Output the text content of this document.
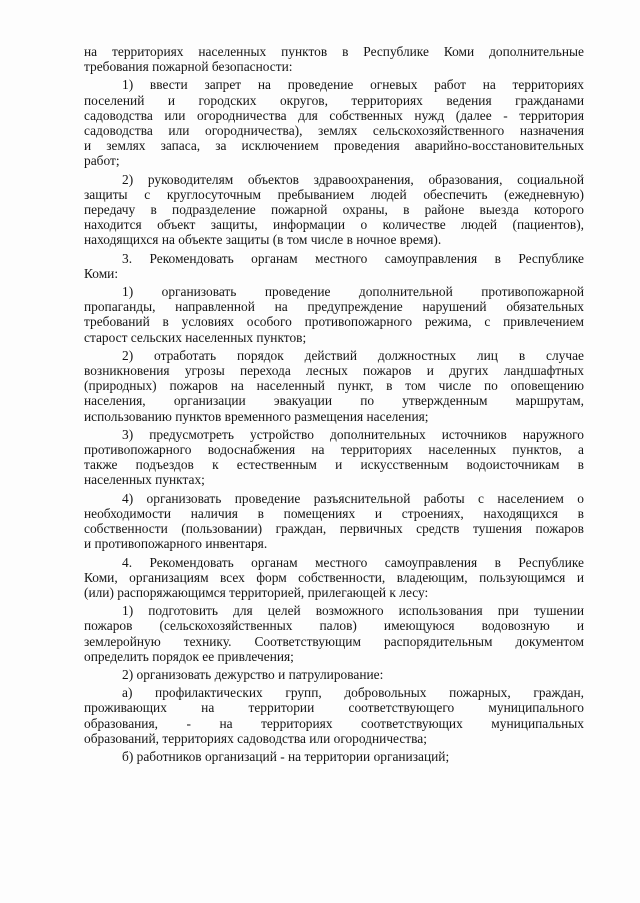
на территориях населенных пунктов в Республике Коми дополнительные
требования пожарной безопасности:
1) ввести запрет на проведение огневых работ на территориях
поселений и городских округов, территориях ведения гражданами
садоводства или огородничества для собственных нужд (далее - территория
садоводства или огородничества), землях сельскохозяйственного назначения
и землях запаса, за исключением проведения аварийно-восстановительных
работ;
2) руководителям объектов здравоохранения, образования, социальной
защиты с круглосуточным пребыванием людей обеспечить (ежедневную)
передачу в подразделение пожарной охраны, в районе выезда которого
находится объект защиты, информации о количестве людей (пациентов),
находящихся на объекте защиты (в том числе в ночное время).
3. Рекомендовать органам местного самоуправления в Республике
Коми:
1) организовать проведение дополнительной противопожарной
пропаганды, направленной на предупреждение нарушений обязательных
требований в условиях особого противопожарного режима, с привлечением
старост сельских населенных пунктов;
2) отработать порядок действий должностных лиц в случае
возникновения угрозы перехода лесных пожаров и других ландшафтных
(природных) пожаров на населенный пункт, в том числе по оповещению
населения, организации эвакуации по утвержденным маршрутам,
использованию пунктов временного размещения населения;
3) предусмотреть устройство дополнительных источников наружного
противопожарного водоснабжения на территориях населенных пунктов, а
также подъездов к естественным и искусственным водоисточникам в
населенных пунктах;
4) организовать проведение разъяснительной работы с населением о
необходимости наличия в помещениях и строениях, находящихся в
собственности (пользовании) граждан, первичных средств тушения пожаров
и противопожарного инвентаря.
4. Рекомендовать органам местного самоуправления в Республике
Коми, организациям всех форм собственности, владеющим, пользующимся и
(или) распоряжающимся территорией, прилегающей к лесу:
1) подготовить для целей возможного использования при тушении
пожаров (сельскохозяйственных палов) имеющуюся водовозную и
землеройную технику. Соответствующим распорядительным документом
определить порядок ее привлечения;
2) организовать дежурство и патрулирование:
а) профилактических групп, добровольных пожарных, граждан,
проживающих на территории соответствующего муниципального
образования, - на территориях соответствующих муниципальных
образований, территориях садоводства или огородничества;
б) работников организаций - на территории организаций;
